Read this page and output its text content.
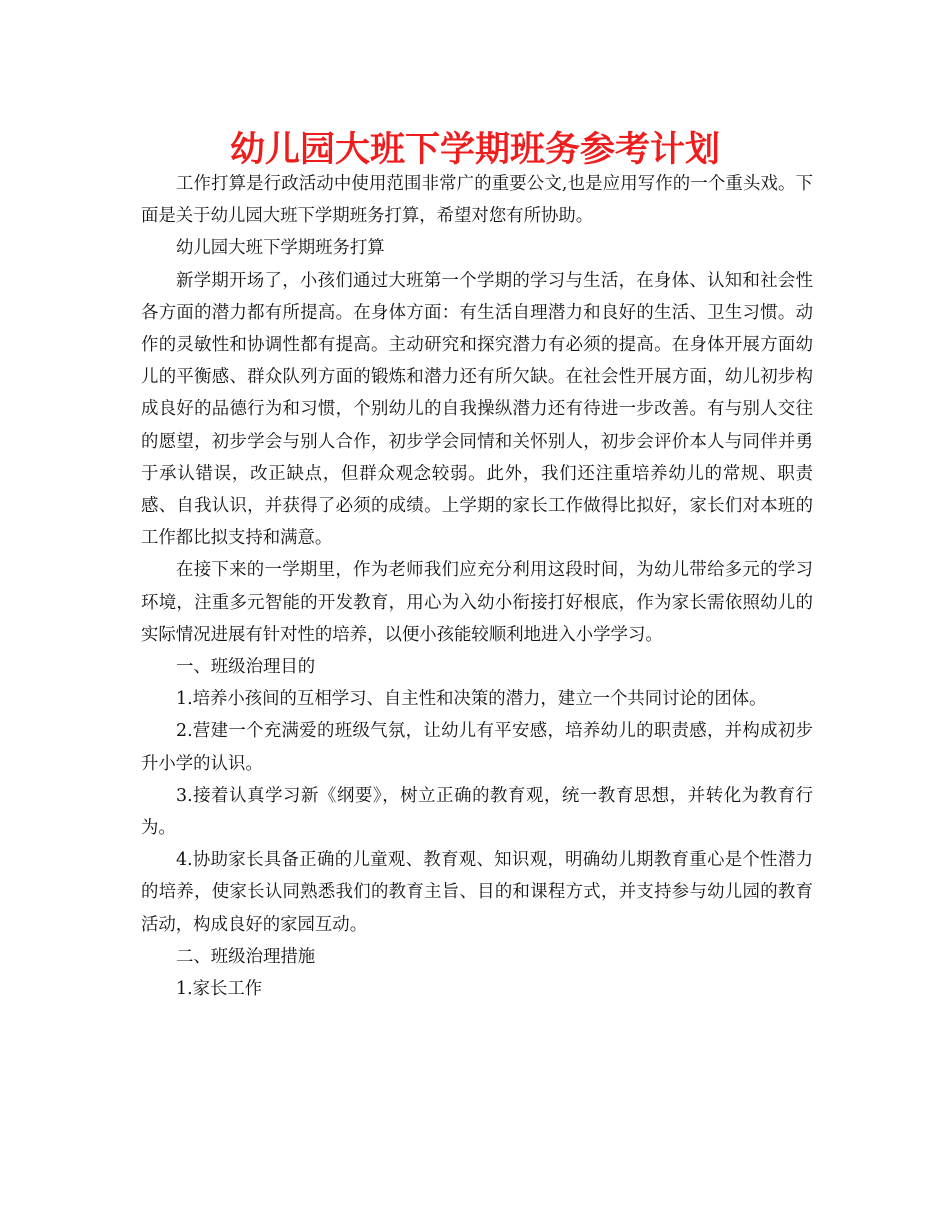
幼儿园大班下学期班务参考计划

工作打算是行政活动中使用范围非常广的重要公文,也是应用写作的一个重头戏。下面是关于幼儿园大班下学期班务打算，希望对您有所协助。

幼儿园大班下学期班务打算

新学期开场了，小孩们通过大班第一个学期的学习与生活，在身体、认知和社会性各方面的潜力都有所提高。在身体方面：有生活自理潜力和良好的生活、卫生习惯。动作的灵敏性和协调性都有提高。主动研究和探究潜力有必须的提高。在身体开展方面幼儿的平衡感、群众队列方面的锻炼和潜力还有所欠缺。在社会性开展方面，幼儿初步构成良好的品德行为和习惯，个别幼儿的自我操纵潜力还有待进一步改善。有与别人交往的愿望，初步学会与别人合作，初步学会同情和关怀别人，初步会评价本人与同伴并勇于承认错误，改正缺点，但群众观念较弱。此外，我们还注重培养幼儿的常规、职责感、自我认识，并获得了必须的成绩。上学期的家长工作做得比拟好，家长们对本班的工作都比拟支持和满意。

在接下来的一学期里，作为老师我们应充分利用这段时间，为幼儿带给多元的学习环境，注重多元智能的开发教育，用心为入幼小衔接打好根底，作为家长需依照幼儿的实际情况进展有针对性的培养，以便小孩能较顺利地进入小学学习。

一、班级治理目的

1.培养小孩间的互相学习、自主性和决策的潜力，建立一个共同讨论的团体。

2.营建一个充满爱的班级气氛，让幼儿有平安感，培养幼儿的职责感，并构成初步升小学的认识。

3.接着认真学习新《纲要》，树立正确的教育观，统一教育思想，并转化为教育行为。

4.协助家长具备正确的儿童观、教育观、知识观，明确幼儿期教育重心是个性潜力的培养，使家长认同熟悉我们的教育主旨、目的和课程方式，并支持参与幼儿园的教育活动，构成良好的家园互动。

二、班级治理措施

1.家长工作
